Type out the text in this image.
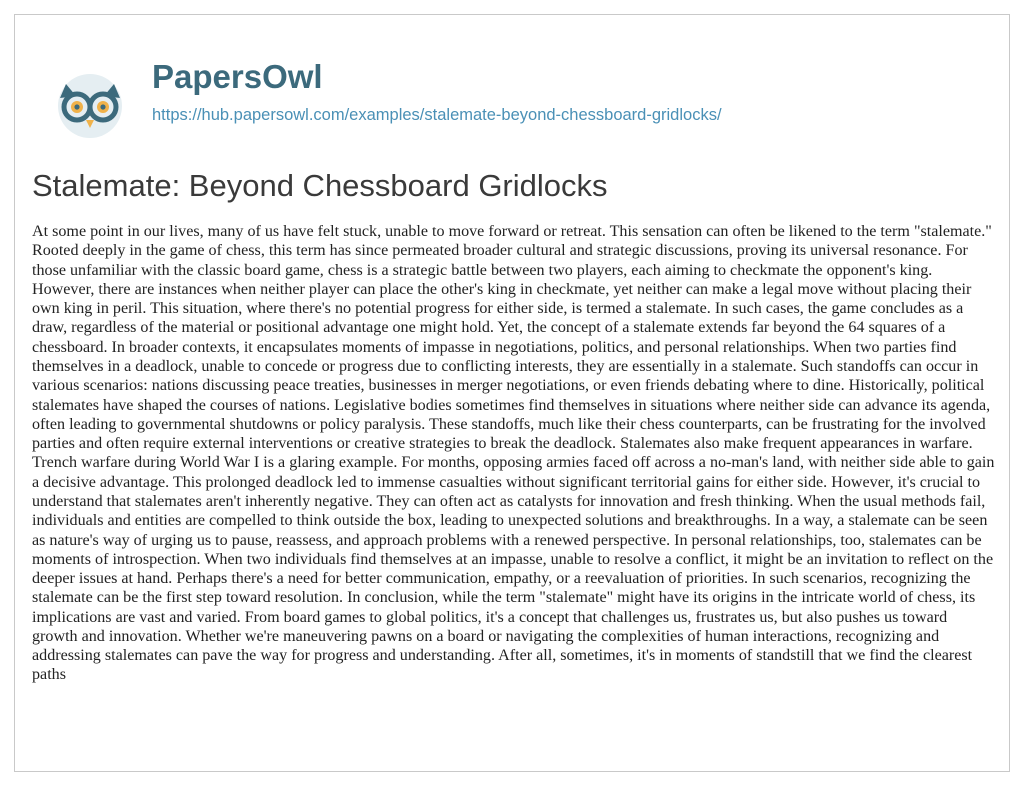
PapersOwl
https://hub.papersowl.com/examples/stalemate-beyond-chessboard-gridlocks/
Stalemate: Beyond Chessboard Gridlocks

At some point in our lives, many of us have felt stuck, unable to move forward or retreat. This sensation can often be likened to the term "stalemate." Rooted deeply in the game of chess, this term has since permeated broader cultural and strategic discussions, proving its universal resonance. For those unfamiliar with the classic board game, chess is a strategic battle between two players, each aiming to checkmate the opponent's king. However, there are instances when neither player can place the other's king in checkmate, yet neither can make a legal move without placing their own king in peril. This situation, where there's no potential progress for either side, is termed a stalemate. In such cases, the game concludes as a draw, regardless of the material or positional advantage one might hold. Yet, the concept of a stalemate extends far beyond the 64 squares of a chessboard. In broader contexts, it encapsulates moments of impasse in negotiations, politics, and personal relationships. When two parties find themselves in a deadlock, unable to concede or progress due to conflicting interests, they are essentially in a stalemate. Such standoffs can occur in various scenarios: nations discussing peace treaties, businesses in merger negotiations, or even friends debating where to dine. Historically, political stalemates have shaped the courses of nations. Legislative bodies sometimes find themselves in situations where neither side can advance its agenda, often leading to governmental shutdowns or policy paralysis. These standoffs, much like their chess counterparts, can be frustrating for the involved parties and often require external interventions or creative strategies to break the deadlock. Stalemates also make frequent appearances in warfare. Trench warfare during World War I is a glaring example. For months, opposing armies faced off across a no-man's land, with neither side able to gain a decisive advantage. This prolonged deadlock led to immense casualties without significant territorial gains for either side. However, it's crucial to understand that stalemates aren't inherently negative. They can often act as catalysts for innovation and fresh thinking. When the usual methods fail, individuals and entities are compelled to think outside the box, leading to unexpected solutions and breakthroughs. In a way, a stalemate can be seen as nature's way of urging us to pause, reassess, and approach problems with a renewed perspective. In personal relationships, too, stalemates can be moments of introspection. When two individuals find themselves at an impasse, unable to resolve a conflict, it might be an invitation to reflect on the deeper issues at hand. Perhaps there's a need for better communication, empathy, or a reevaluation of priorities. In such scenarios, recognizing the stalemate can be the first step toward resolution. In conclusion, while the term "stalemate" might have its origins in the intricate world of chess, its implications are vast and varied. From board games to global politics, it's a concept that challenges us, frustrates us, but also pushes us toward growth and innovation. Whether we're maneuvering pawns on a board or navigating the complexities of human interactions, recognizing and addressing stalemates can pave the way for progress and understanding. After all, sometimes, it's in moments of standstill that we find the clearest paths
